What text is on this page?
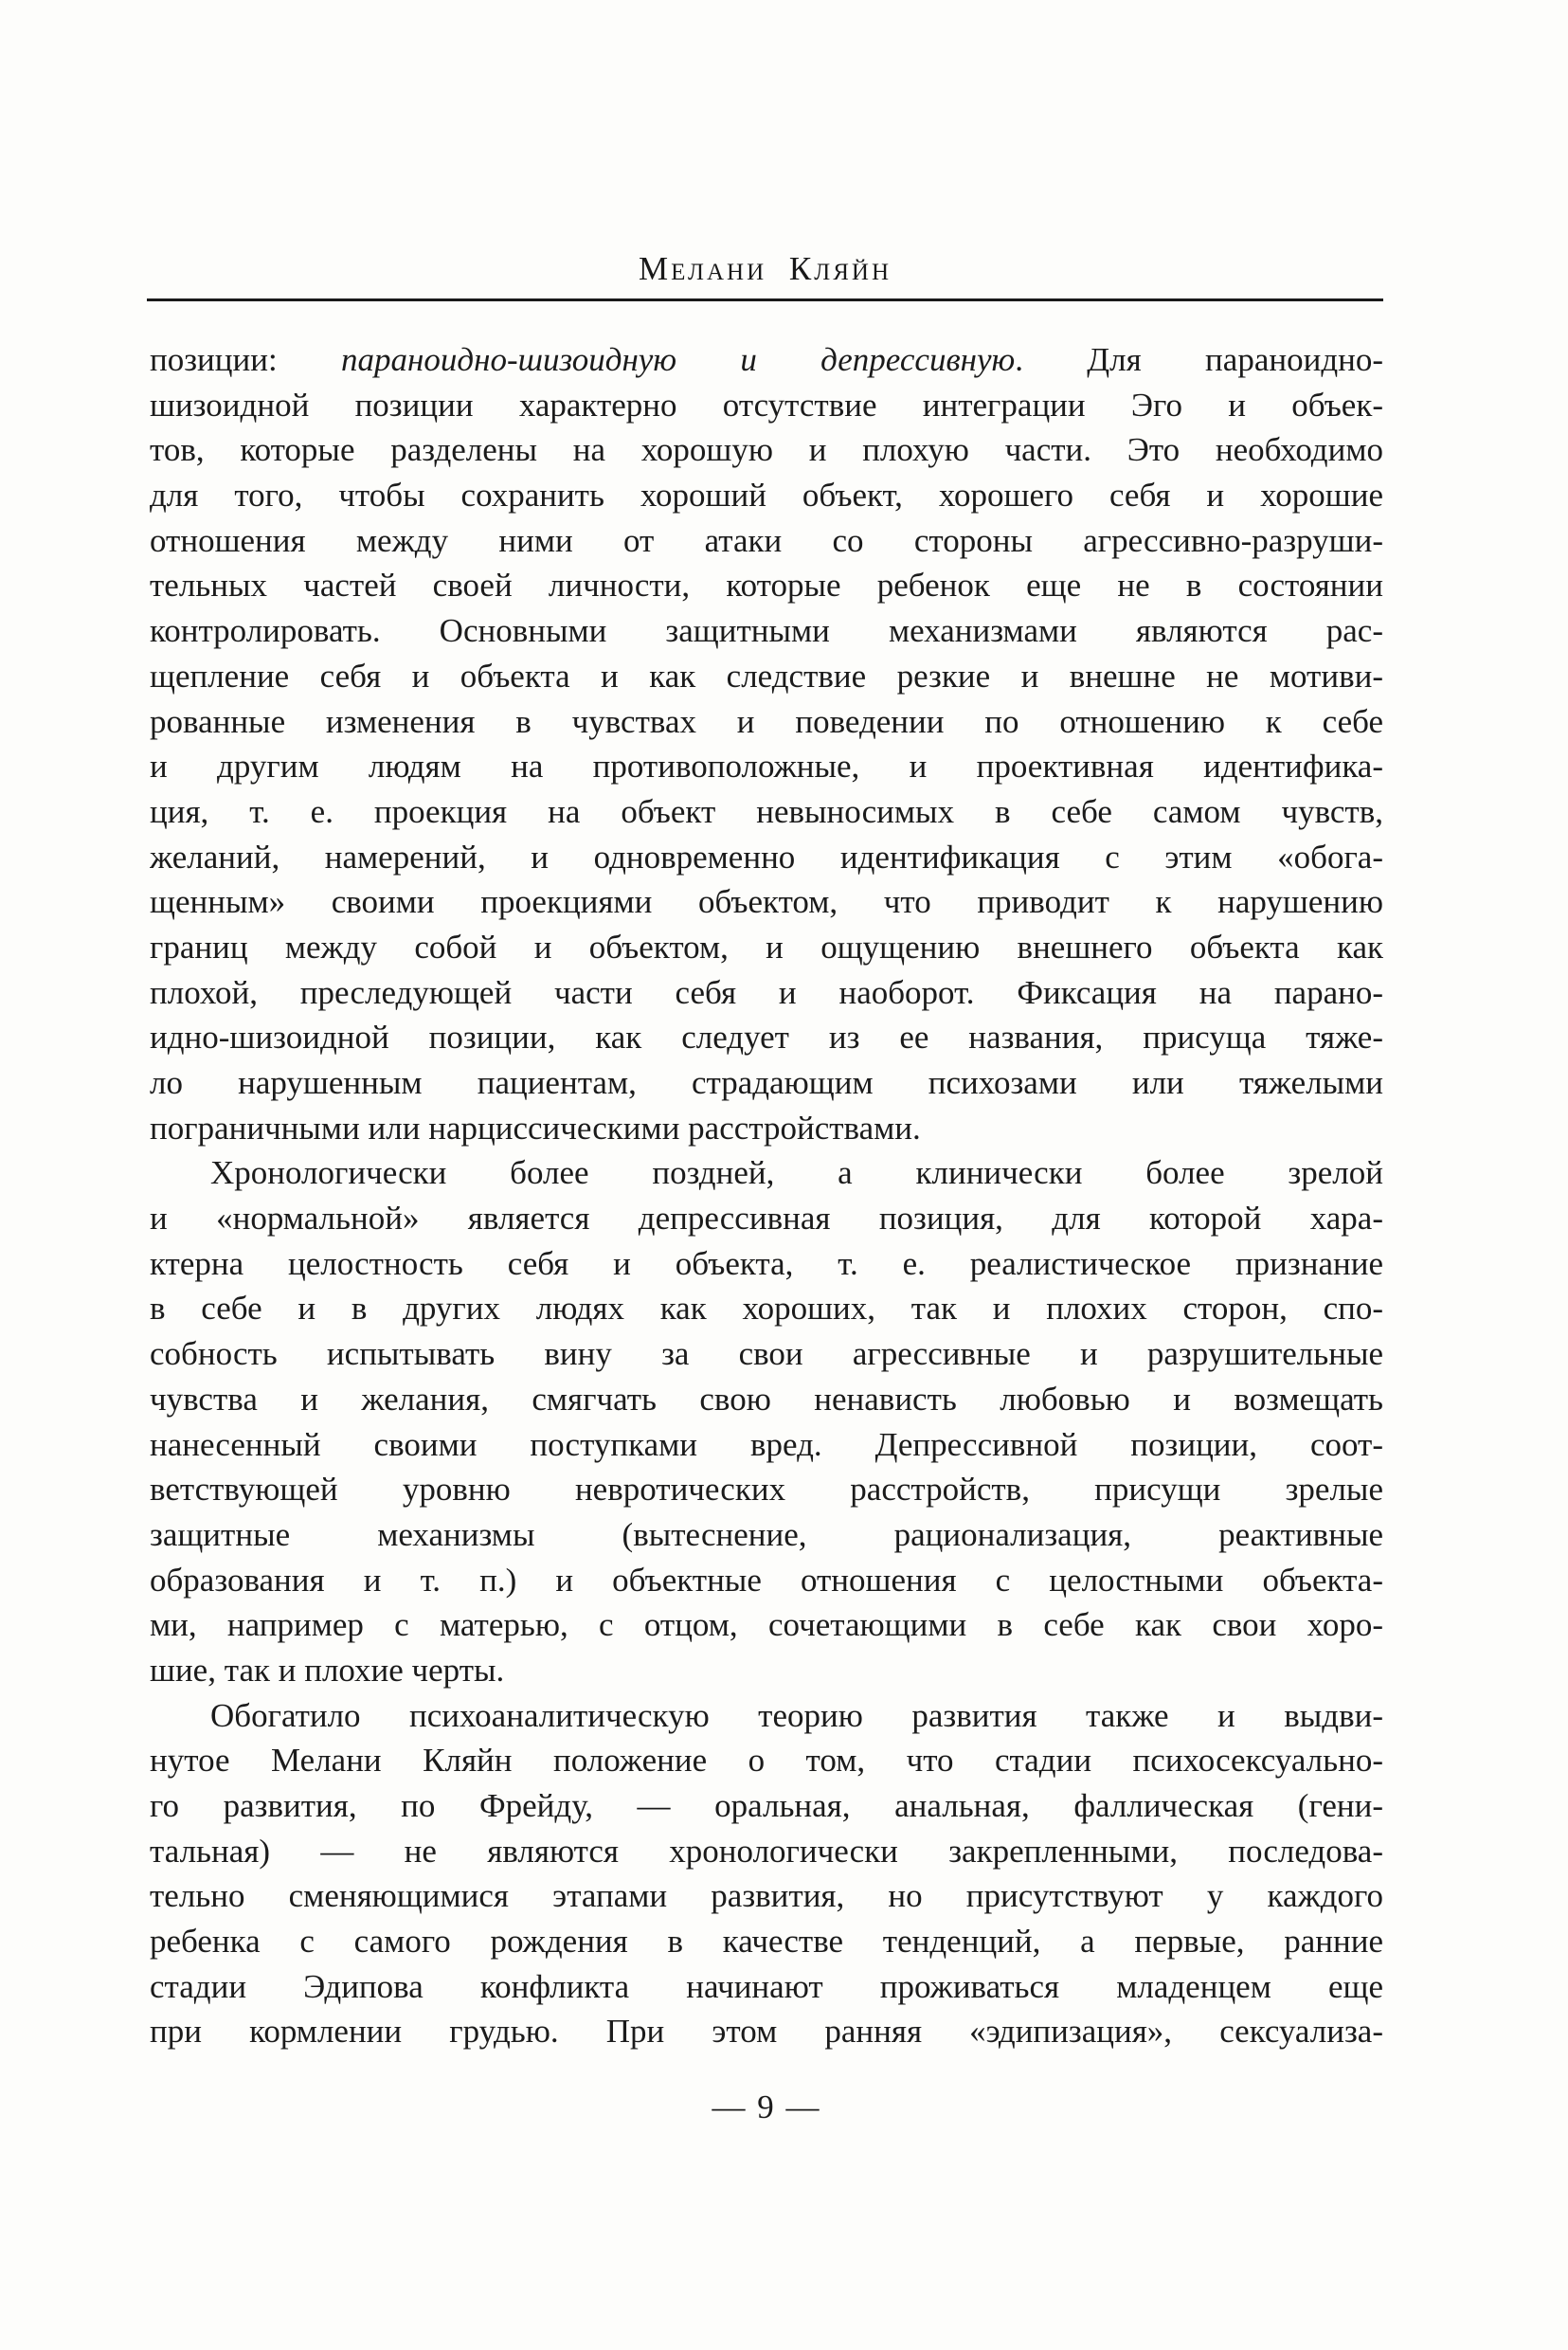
Мелани Кляйн
позиции: параноидно-шизоидную и депрессивную. Для параноидно-
шизоидной позиции характерно отсутствие интеграции Эго и объек-
тов, которые разделены на хорошую и плохую части. Это необходимо
для того, чтобы сохранить хороший объект, хорошего себя и хорошие
отношения между ними от атаки со стороны агрессивно-разруши-
тельных частей своей личности, которые ребенок еще не в состоянии
контролировать. Основными защитными механизмами являются рас-
щепление себя и объекта и как следствие резкие и внешне не мотиви-
рованные изменения в чувствах и поведении по отношению к себе
и другим людям на противоположные, и проективная идентифика-
ция, т. е. проекция на объект невыносимых в себе самом чувств,
желаний, намерений, и одновременно идентификация с этим «обога-
щенным» своими проекциями объектом, что приводит к нарушению
границ между собой и объектом, и ощущению внешнего объекта как
плохой, преследующей части себя и наоборот. Фиксация на парано-
идно-шизоидной позиции, как следует из ее названия, присуща тяже-
ло нарушенным пациентам, страдающим психозами или тяжелыми
пограничными или нарциссическими расстройствами.
Хронологически более поздней, а клинически более зрелой
и «нормальной» является депрессивная позиция, для которой хара-
ктерна целостность себя и объекта, т. е. реалистическое признание
в себе и в других людях как хороших, так и плохих сторон, спо-
собность испытывать вину за свои агрессивные и разрушительные
чувства и желания, смягчать свою ненависть любовью и возмещать
нанесенный своими поступками вред. Депрессивной позиции, соот-
ветствующей уровню невротических расстройств, присущи зрелые
защитные механизмы (вытеснение, рационализация, реактивные
образования и т. п.) и объектные отношения с целостными объекта-
ми, например с матерью, с отцом, сочетающими в себе как свои хоро-
шие, так и плохие черты.
Обогатило психоаналитическую теорию развития также и выдви-
нутое Мелани Кляйн положение о том, что стадии психосексуально-
го развития, по Фрейду, — оральная, анальная, фаллическая (гени-
тальная) — не являются хронологически закрепленными, последова-
тельно сменяющимися этапами развития, но присутствуют у каждого
ребенка с самого рождения в качестве тенденций, а первые, ранние
стадии Эдипова конфликта начинают проживаться младенцем еще
при кормлении грудью. При этом ранняя «эдипизация», сексуализа-
— 9 —
